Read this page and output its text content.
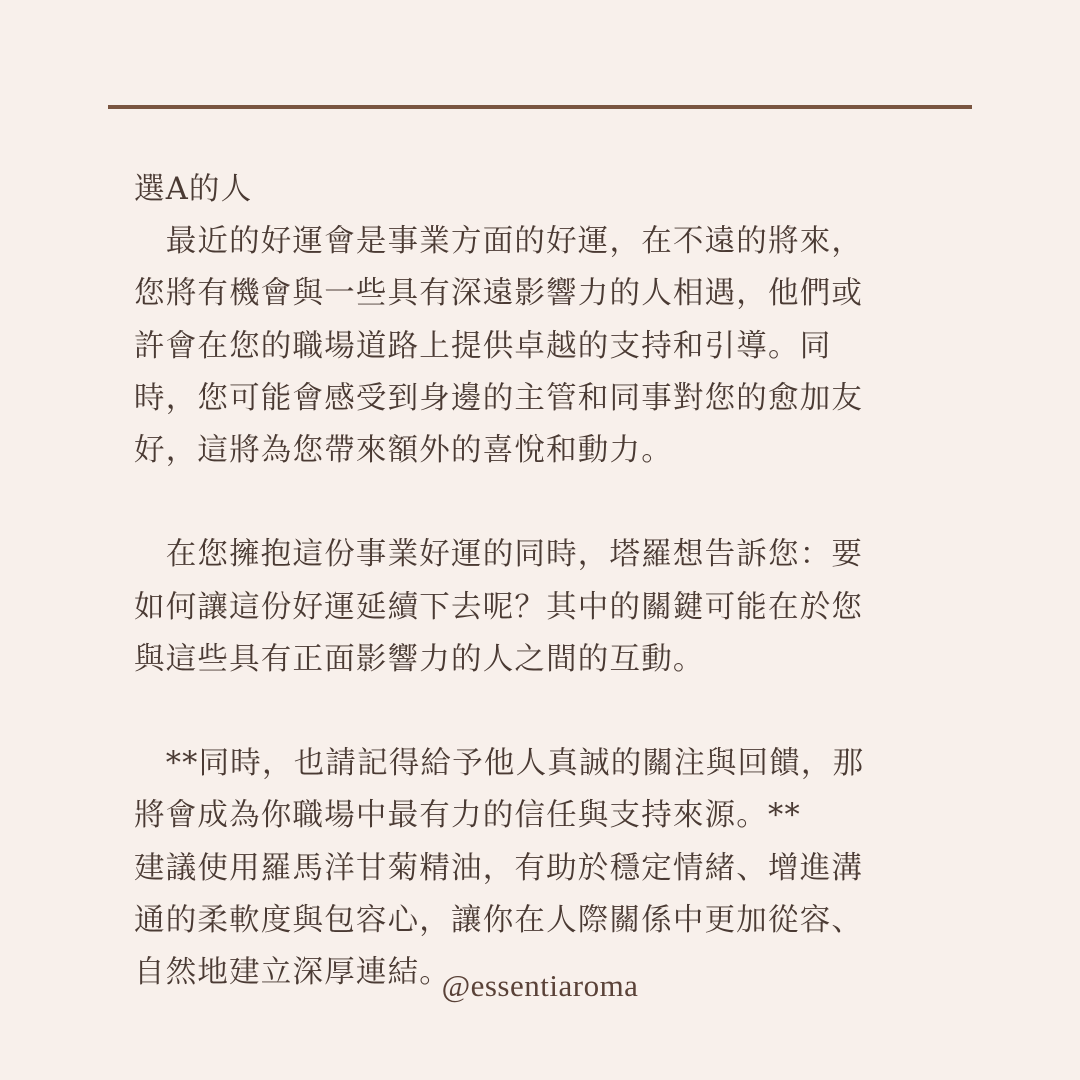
選A的人
　最近的好運會是事業方面的好運，在不遠的將來，
您將有機會與一些具有深遠影響力的人相遇，他們或
許會在您的職場道路上提供卓越的支持和引導。同
時，您可能會感受到身邊的主管和同事對您的愈加友
好，這將為您帶來額外的喜悅和動力。
　在您擁抱這份事業好運的同時，塔羅想告訴您：要
如何讓這份好運延續下去呢？其中的關鍵可能在於您
與這些具有正面影響力的人之間的互動。
　**同時，也請記得給予他人真誠的關注與回饋，那
將會成為你職場中最有力的信任與支持來源。**
建議使用羅馬洋甘菊精油，有助於穩定情緒、增進溝
通的柔軟度與包容心，讓你在人際關係中更加從容、
自然地建立深厚連結。
@essentiaroma
